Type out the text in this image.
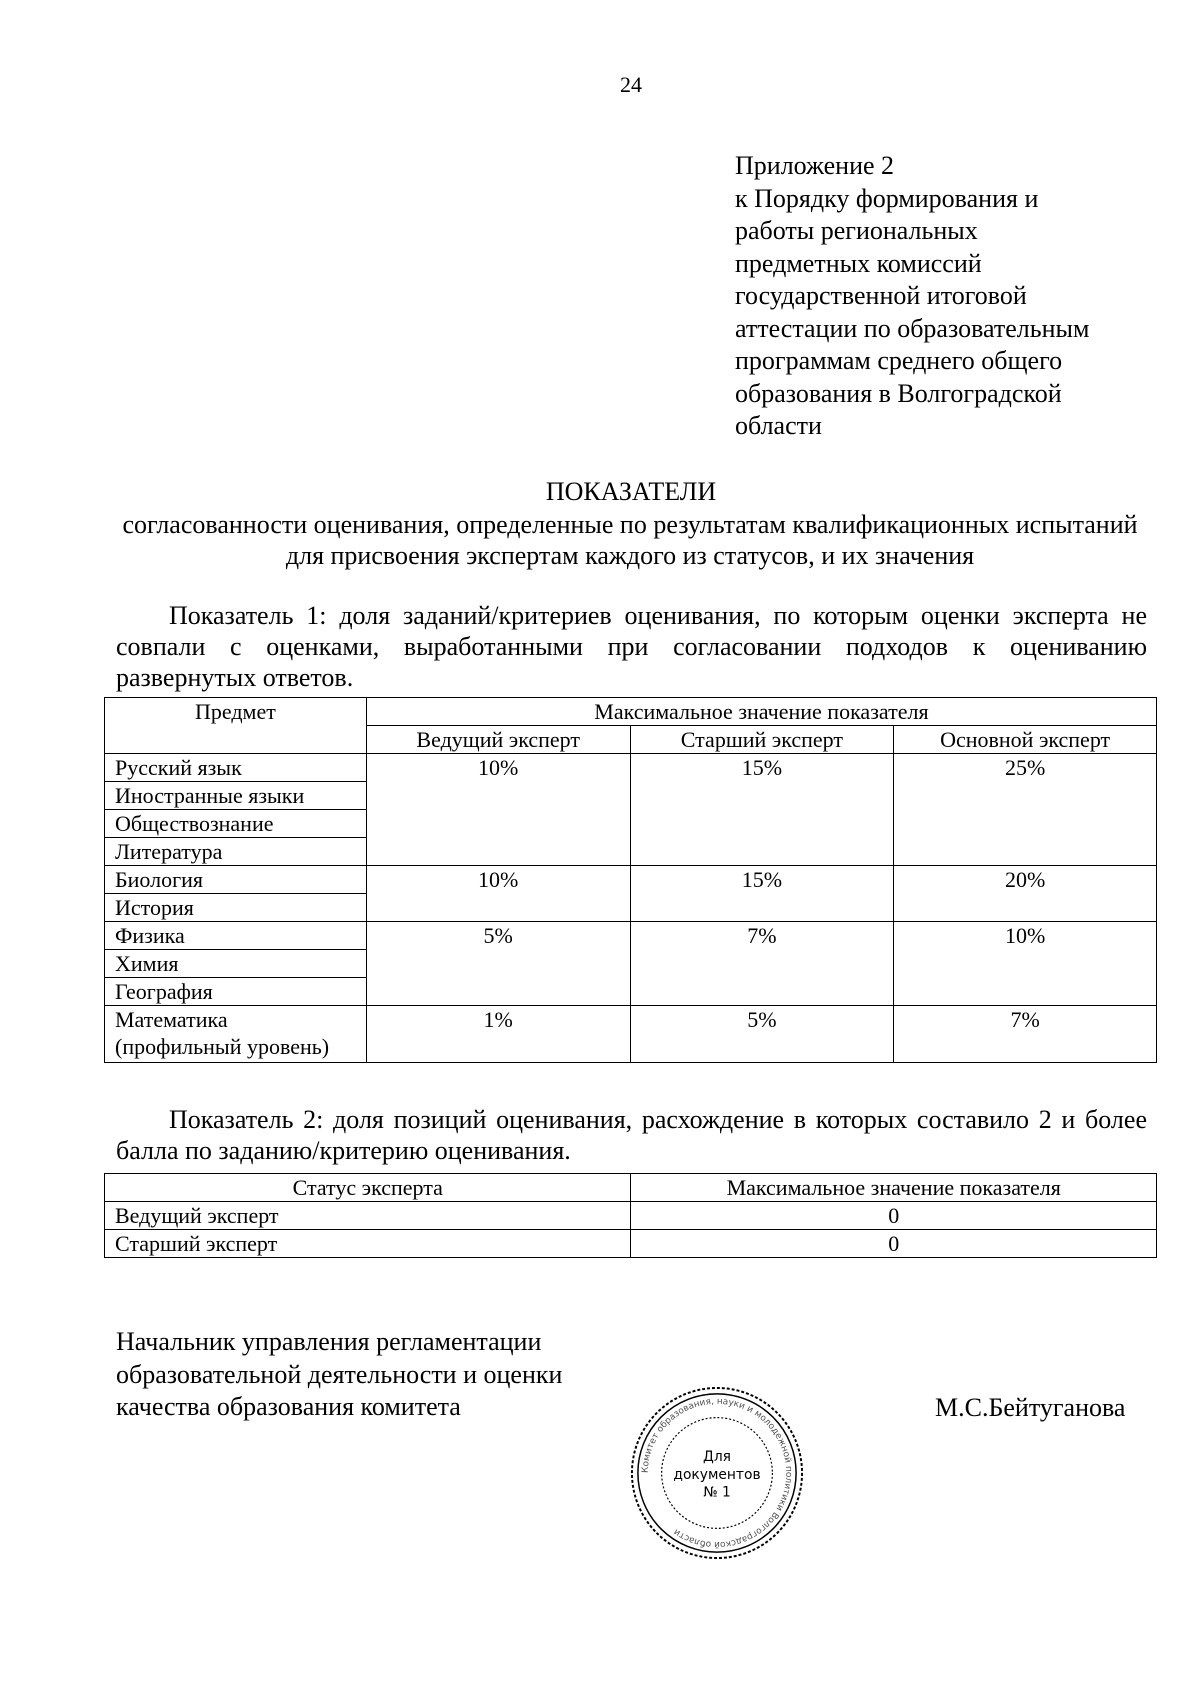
24
Приложение 2
к Порядку формирования и
работы региональных
предметных комиссий
государственной итоговой
аттестации по образовательным
программам среднего общего
образования в Волгоградской
области
ПОКАЗАТЕЛИ
согласованности оценивания, определенные по результатам квалификационных испытаний для присвоения экспертам каждого из статусов, и их значения
Показатель 1: доля заданий/критериев оценивания, по которым оценки эксперта не совпали с оценками, выработанными при согласовании подходов к оцениванию развернутых ответов.
Предмет	Максимальное значение показателя		
	Ведущий эксперт	Старший эксперт	Основной эксперт
Русский язык	10%	15%	25%
Иностранные языки			
Обществознание			
Литература			
Биология	10%	15%	20%
История			
Физика	5%	7%	10%
Химия			
География			
Математика (профильный уровень)	1%	5%	7%
Показатель 2: доля позиций оценивания, расхождение в которых составило 2 и более балла по заданию/критерию оценивания.
Статус эксперта	Максимальное значение показателя
Ведущий эксперт	0
Старший эксперт	0
Начальник управления регламентации
образовательной деятельности и оценки
качества образования комитета	М.С.Бейтуганова
Комитет образования, науки и молодежной политики Волгоградской области
Для
документов
№ 1
